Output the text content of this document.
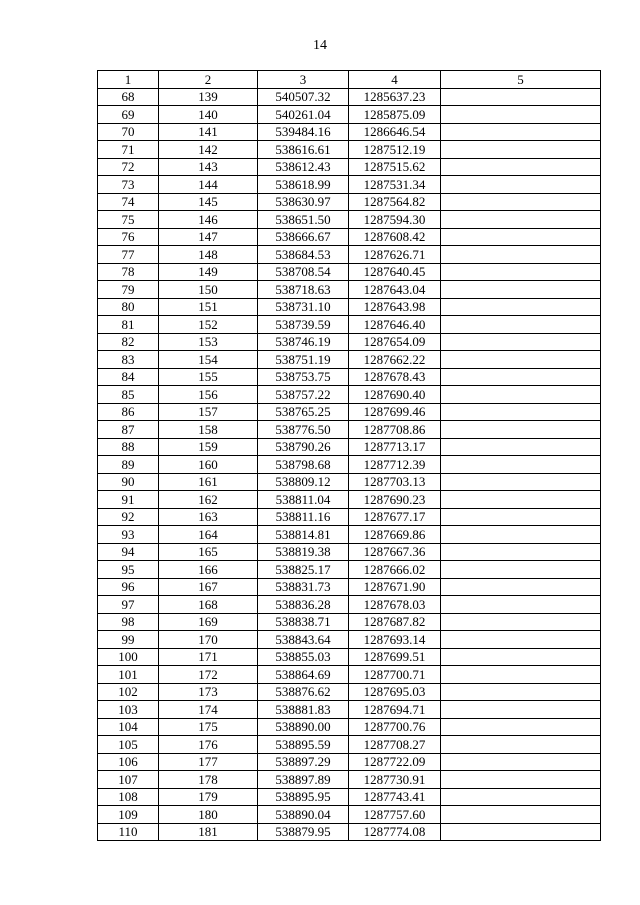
14
1	2	3	4	5
68	139	540507.32	1285637.23	
69	140	540261.04	1285875.09	
70	141	539484.16	1286646.54	
71	142	538616.61	1287512.19	
72	143	538612.43	1287515.62	
73	144	538618.99	1287531.34	
74	145	538630.97	1287564.82	
75	146	538651.50	1287594.30	
76	147	538666.67	1287608.42	
77	148	538684.53	1287626.71	
78	149	538708.54	1287640.45	
79	150	538718.63	1287643.04	
80	151	538731.10	1287643.98	
81	152	538739.59	1287646.40	
82	153	538746.19	1287654.09	
83	154	538751.19	1287662.22	
84	155	538753.75	1287678.43	
85	156	538757.22	1287690.40	
86	157	538765.25	1287699.46	
87	158	538776.50	1287708.86	
88	159	538790.26	1287713.17	
89	160	538798.68	1287712.39	
90	161	538809.12	1287703.13	
91	162	538811.04	1287690.23	
92	163	538811.16	1287677.17	
93	164	538814.81	1287669.86	
94	165	538819.38	1287667.36	
95	166	538825.17	1287666.02	
96	167	538831.73	1287671.90	
97	168	538836.28	1287678.03	
98	169	538838.71	1287687.82	
99	170	538843.64	1287693.14	
100	171	538855.03	1287699.51	
101	172	538864.69	1287700.71	
102	173	538876.62	1287695.03	
103	174	538881.83	1287694.71	
104	175	538890.00	1287700.76	
105	176	538895.59	1287708.27	
106	177	538897.29	1287722.09	
107	178	538897.89	1287730.91	
108	179	538895.95	1287743.41	
109	180	538890.04	1287757.60	
110	181	538879.95	1287774.08	
